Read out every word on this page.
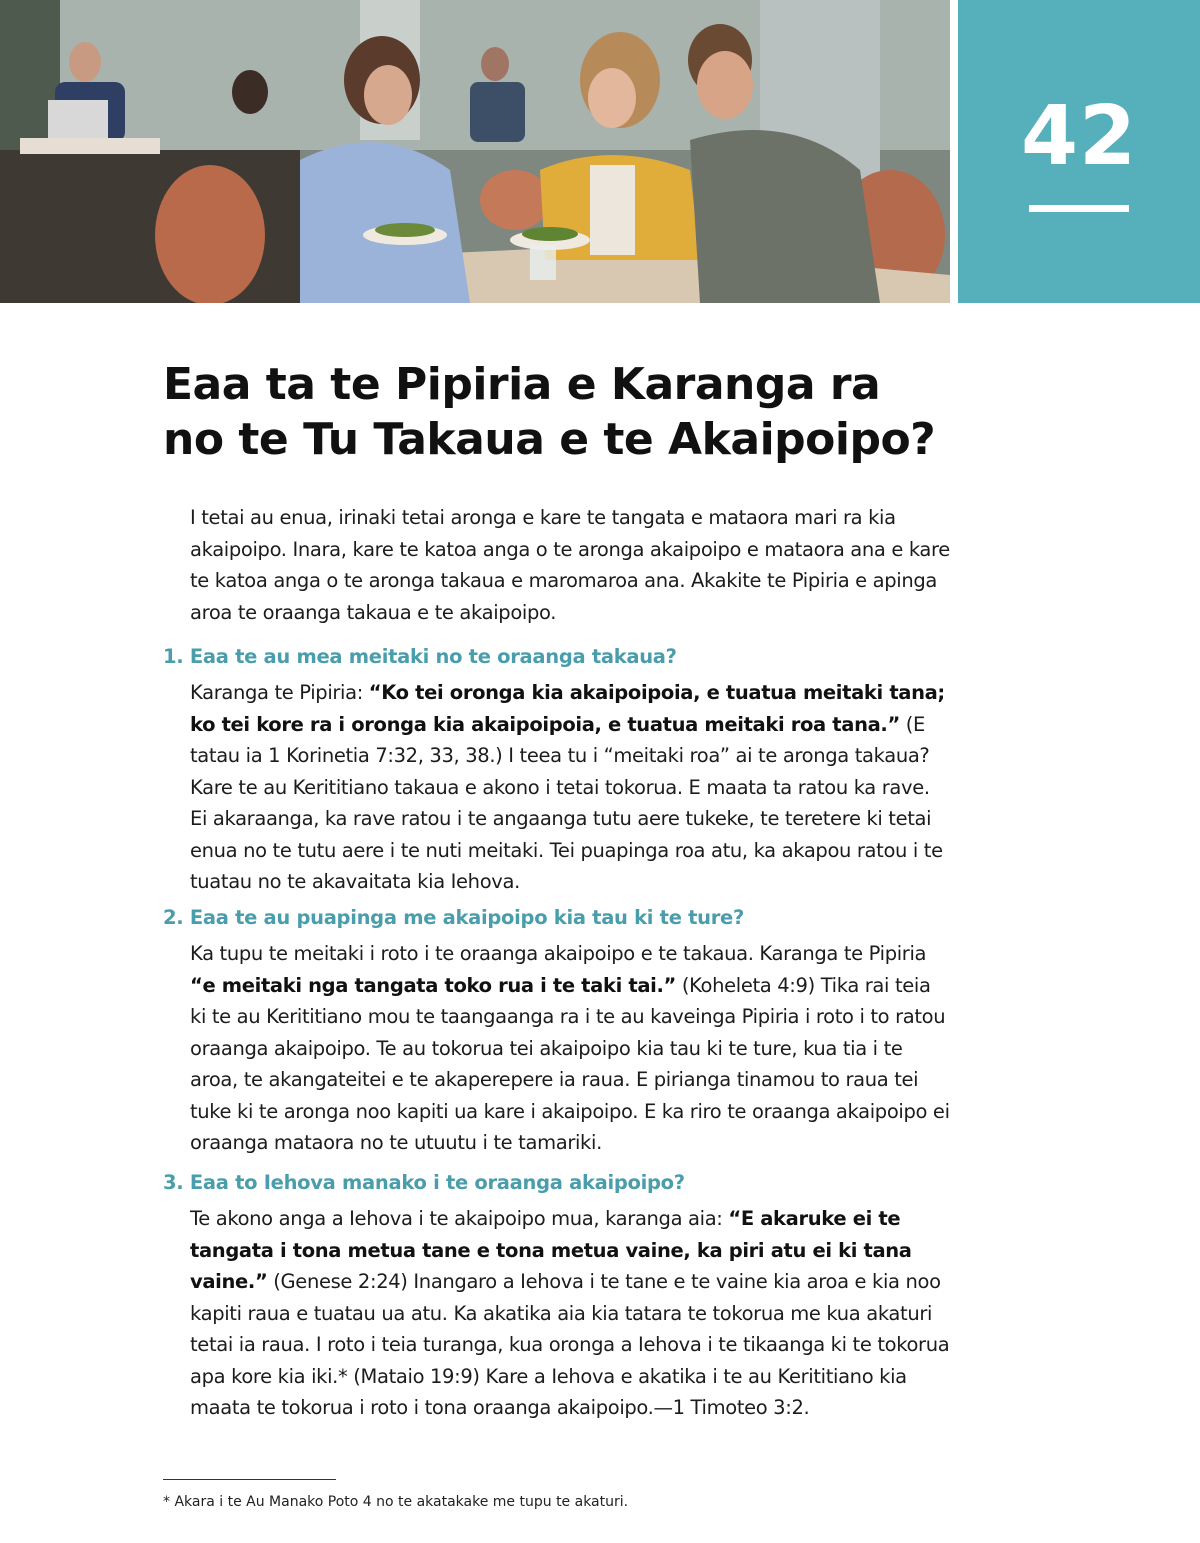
42
Eaa ta te Pipiria e Karanga ra
no te Tu Takaua e te Akaipoipo?

I tetai au enua, irinaki tetai aronga e kare te tangata e mataora mari ra kia akaipoipo. Inara, kare te katoa anga o te aronga akaipoipo e mataora ana e kare te katoa anga o te aronga takaua e maromaroa ana. Akakite te Pipiria e apinga aroa te oraanga takaua e te akaipoipo.

1. Eaa te au mea meitaki no te oraanga takaua?

Karanga te Pipiria: “Ko tei oronga kia akaipoipoia, e tuatua meitaki tana; ko tei kore ra i oronga kia akaipoipoia, e tuatua meitaki roa tana.” (E tatau ia 1 Korinetia 7:32, 33, 38.) I teea tu i “meitaki roa” ai te aronga takaua? Kare te au Kerititiano takaua e akono i tetai tokorua. E maata ta ratou ka rave. Ei akaraanga, ka rave ratou i te angaanga tutu aere tukeke, te teretere ki tetai enua no te tutu aere i te nuti meitaki. Tei puapinga roa atu, ka akapou ratou i te tuatau no te akavaitata kia Iehova.

2. Eaa te au puapinga me akaipoipo kia tau ki te ture?

Ka tupu te meitaki i roto i te oraanga akaipoipo e te takaua. Karanga te Pipiria “e meitaki nga tangata toko rua i te taki tai.” (Koheleta 4:9) Tika rai teia ki te au Kerititiano mou te taangaanga ra i te au kaveinga Pipiria i roto i to ratou oraanga akaipoipo. Te au tokorua tei akaipoipo kia tau ki te ture, kua tia i te aroa, te akangateitei e te akaperepere ia raua. E pirianga tinamou to raua tei tuke ki te aronga noo kapiti ua kare i akaipoipo. E ka riro te oraanga akaipoipo ei oraanga mataora no te utuutu i te tamariki.

3. Eaa to Iehova manako i te oraanga akaipoipo?

Te akono anga a Iehova i te akaipoipo mua, karanga aia: “E akaruke ei te tangata i tona metua tane e tona metua vaine, ka piri atu ei ki tana vaine.” (Genese 2:24) Inangaro a Iehova i te tane e te vaine kia aroa e kia noo kapiti raua e tuatau ua atu. Ka akatika aia kia tatara te tokorua me kua akaturi tetai ia raua. I roto i teia turanga, kua oronga a Iehova i te tikaanga ki te tokorua apa kore kia iki.* (Mataio 19:9) Kare a Iehova e akatika i te au Kerititiano kia maata te tokorua i roto i tona oraanga akaipoipo.—1 Timoteo 3:2.

* Akara i te Au Manako Poto 4 no te akatakake me tupu te akaturi.
